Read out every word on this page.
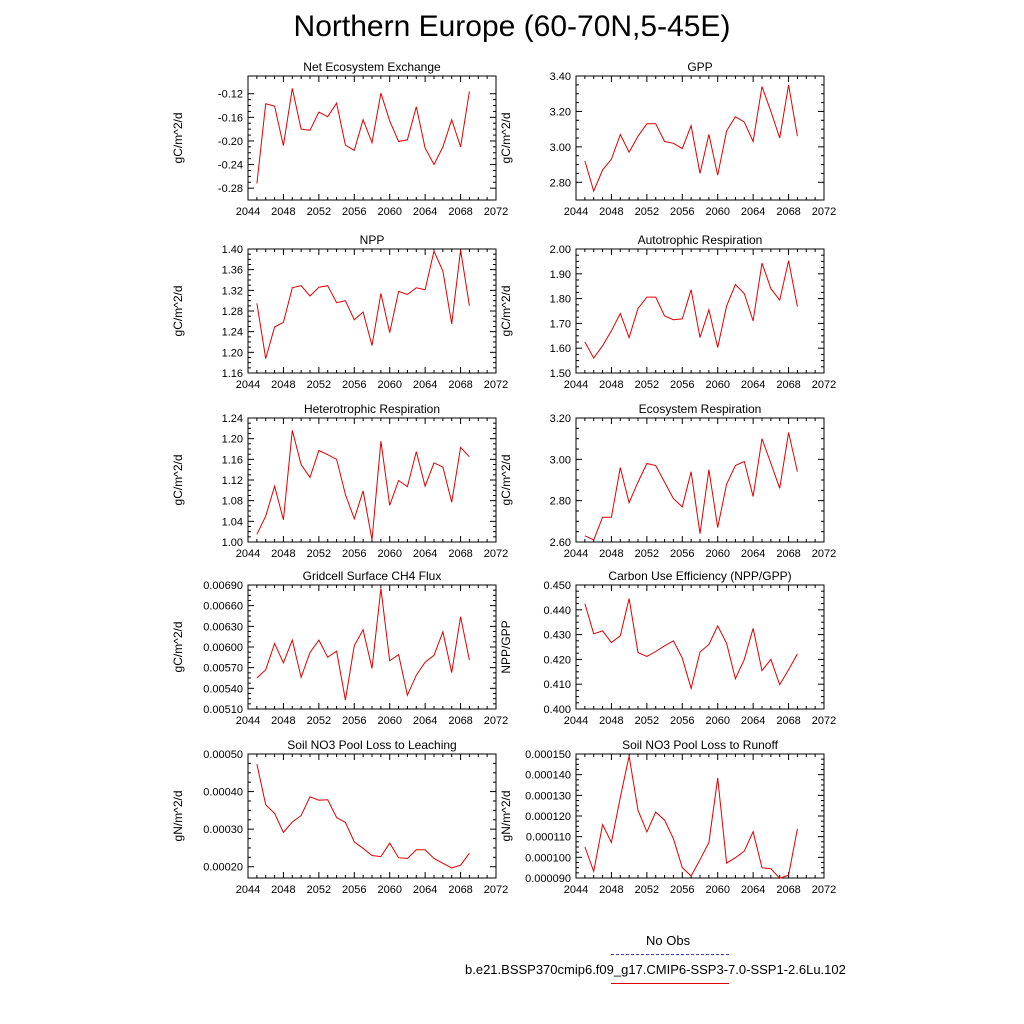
Northern Europe (60-70N,5-45E)
Net Ecosystem Exchange
gC/m^2/d
2044 2048 2052 2056 2060 2064 2068 2072
-0.28
-0.24
-0.20
-0.16
-0.12
GPP
gC/m^2/d
2044 2048 2052 2056 2060 2064 2068 2072
2.80
3.00
3.20
3.40
NPP
gC/m^2/d
2044 2048 2052 2056 2060 2064 2068 2072
1.16
1.20
1.24
1.28
1.32
1.36
1.40
Autotrophic Respiration
gC/m^2/d
2044 2048 2052 2056 2060 2064 2068 2072
1.50
1.60
1.70
1.80
1.90
2.00
Heterotrophic Respiration
gC/m^2/d
2044 2048 2052 2056 2060 2064 2068 2072
1.00
1.04
1.08
1.12
1.16
1.20
1.24
Ecosystem Respiration
gC/m^2/d
2044 2048 2052 2056 2060 2064 2068 2072
2.60
2.80
3.00
3.20
Gridcell Surface CH4 Flux
gC/m^2/d
2044 2048 2052 2056 2060 2064 2068 2072
0.00510
0.00540
0.00570
0.00600
0.00630
0.00660
0.00690
Carbon Use Efficiency (NPP/GPP)
NPP/GPP
2044 2048 2052 2056 2060 2064 2068 2072
0.400
0.410
0.420
0.430
0.440
0.450
Soil NO3 Pool Loss to Leaching
gN/m^2/d
2044 2048 2052 2056 2060 2064 2068 2072
0.00020
0.00030
0.00040
0.00050
Soil NO3 Pool Loss to Runoff
gN/m^2/d
2044 2048 2052 2056 2060 2064 2068 2072
0.000090
0.000100
0.000110
0.000120
0.000130
0.000140
0.000150
No Obs
b.e21.BSSP370cmip6.f09_g17.CMIP6-SSP3-7.0-SSP1-2.6Lu.102
